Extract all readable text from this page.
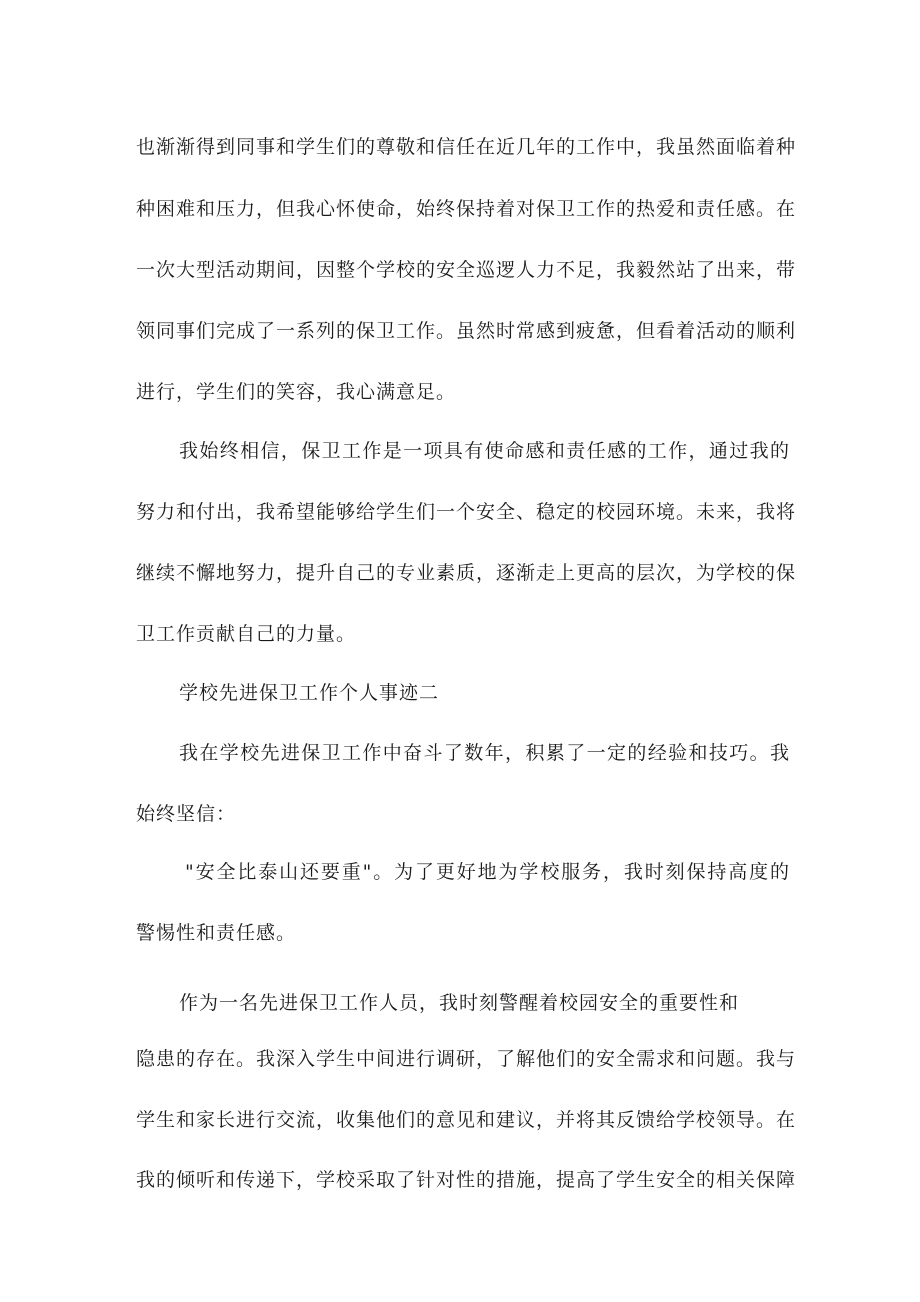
也渐渐得到同事和学生们的尊敬和信任在近几年的工作中，我虽然面临着种
种困难和压力，但我心怀使命，始终保持着对保卫工作的热爱和责任感。在
一次大型活动期间，因整个学校的安全巡逻人力不足，我毅然站了出来，带
领同事们完成了一系列的保卫工作。虽然时常感到疲惫，但看着活动的顺利
进行，学生们的笑容，我心满意足。
我始终相信，保卫工作是一项具有使命感和责任感的工作，通过我的
努力和付出，我希望能够给学生们一个安全、稳定的校园环境。未来，我将
继续不懈地努力，提升自己的专业素质，逐渐走上更高的层次，为学校的保
卫工作贡献自己的力量。
学校先进保卫工作个人事迹二
我在学校先进保卫工作中奋斗了数年，积累了一定的经验和技巧。我
始终坚信：
"安全比泰山还要重"。为了更好地为学校服务，我时刻保持高度的
警惕性和责任感。
作为一名先进保卫工作人员，我时刻警醒着校园安全的重要性和
隐患的存在。我深入学生中间进行调研，了解他们的安全需求和问题。我与
学生和家长进行交流，收集他们的意见和建议，并将其反馈给学校领导。在
我的倾听和传递下，学校采取了针对性的措施，提高了学生安全的相关保障
